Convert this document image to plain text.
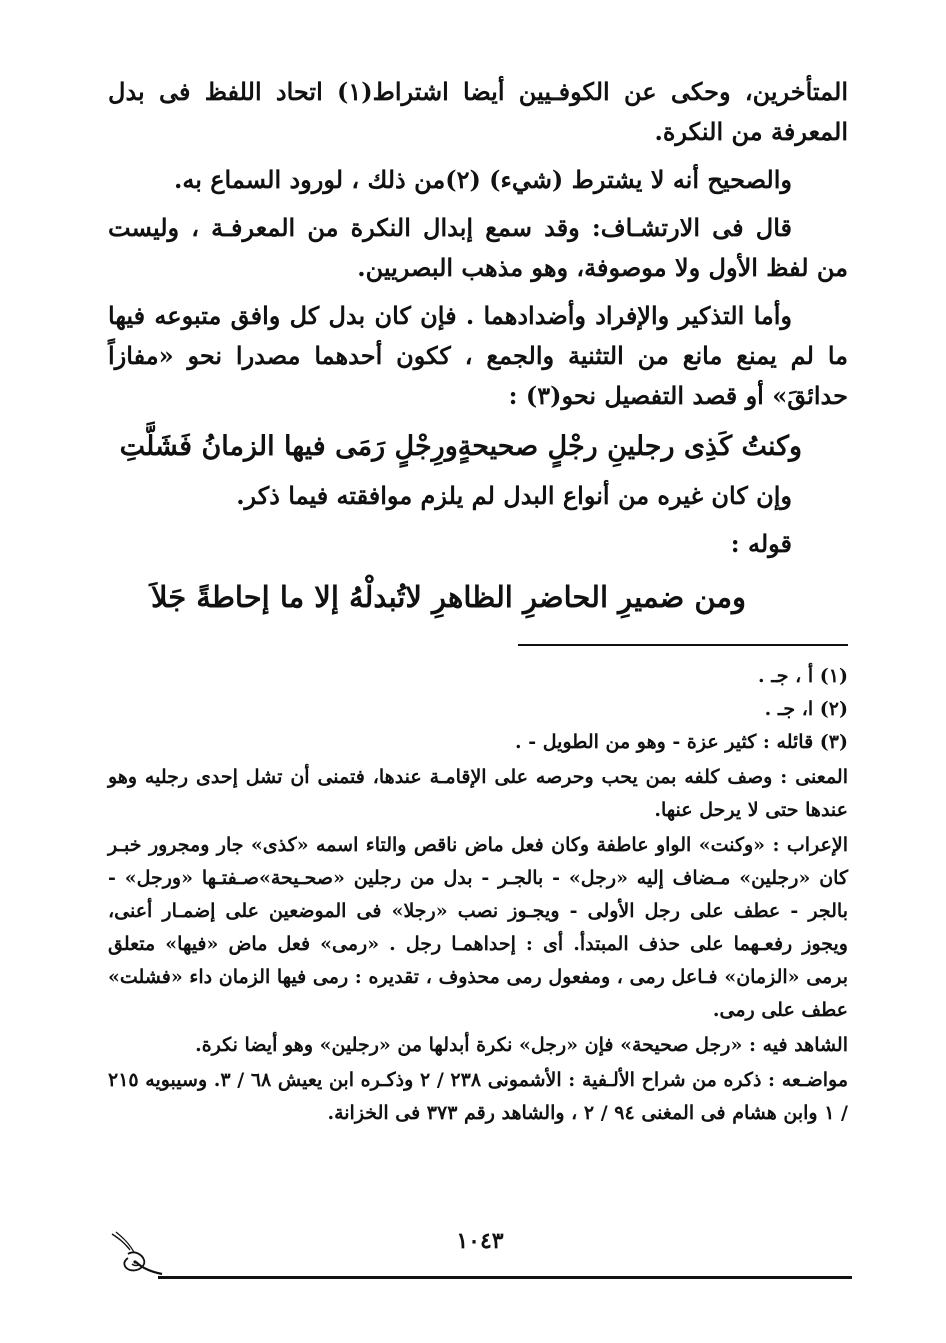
المتأخرين، وحكى عن الكوفـيين أيضا اشتراط(١) اتحاد اللفظ فى بدل المعرفة من النكرة.

والصحيح أنه لا يشترط (شيء) (٢)من ذلك ، لورود السماع به.

قال فى الارتشـاف: وقد سمع إبدال النكرة من المعرفـة ، وليست من لفظ الأول ولا موصوفة، وهو مذهب البصريين.

وأما التذكير والإفراد وأضدادهما . فإن كان بدل كل وافق متبوعه فيها ما لم يمنع مانع من التثنية والجمع ، ككون أحدهما مصدرا نحو «مفازاً حدائقَ» أو قصد التفصيل نحو(٣) :

وكنتُ كَذِى رجلينِ رجْلٍ صحيحةٍ
ورِجْلٍ رَمَى فيها الزمانُ فَشَلَّتِ

وإن كان غيره من أنواع البدل لم يلزم موافقته فيما ذكر.

قوله :

ومن ضميرِ الحاضرِ الظاهرِ لا
تُبدلْهُ إلا ما إحاطةً جَلاَ

(١) أ ، جـ .

(٢) ا، جـ .

(٣) قائله : كثير عزة - وهو من الطويل - .

المعنى : وصف كلفه بمن يحب وحرصه على الإقامـة عندها، فتمنى أن تشل إحدى رجليه وهو عندها حتى لا يرحل عنها.

الإعراب : «وكنت» الواو عاطفة وكان فعل ماض ناقص والتاء اسمه «كذى» جار ومجرور خبـر كان «رجلين» مـضاف إليه «رجل» - بالجـر - بدل من رجلين «صحـيحة»صـفتـها «ورجل» - بالجر - عطف على رجل الأولى - ويجـوز نصب «رجلا» فى الموضعين على إضمـار أعنى، ويجوز رفعـهما على حذف المبتدأ. أى : إحداهمـا رجل . «رمى» فعل ماض «فيها» متعلق برمى «الزمان» فـاعل رمى ، ومفعول رمى محذوف ، تقديره : رمى فيها الزمان داء «فشلت» عطف على رمى.

الشاهد فيه : «رجل صحيحة» فإن «رجل» نكرة أبدلها من «رجلين» وهو أيضا نكرة.

مواضـعه : ذكره من شراح الألـفية : الأشمونى ٢٣٨ / ٢ وذكـره ابن يعيش ٦٨ / ٣. وسيبويه ٢١٥ / ١ وابن هشام فى المغنى ٩٤ / ٢ ، والشاهد رقم ٣٧٣ فى الخزانة.

١٠٤٣
